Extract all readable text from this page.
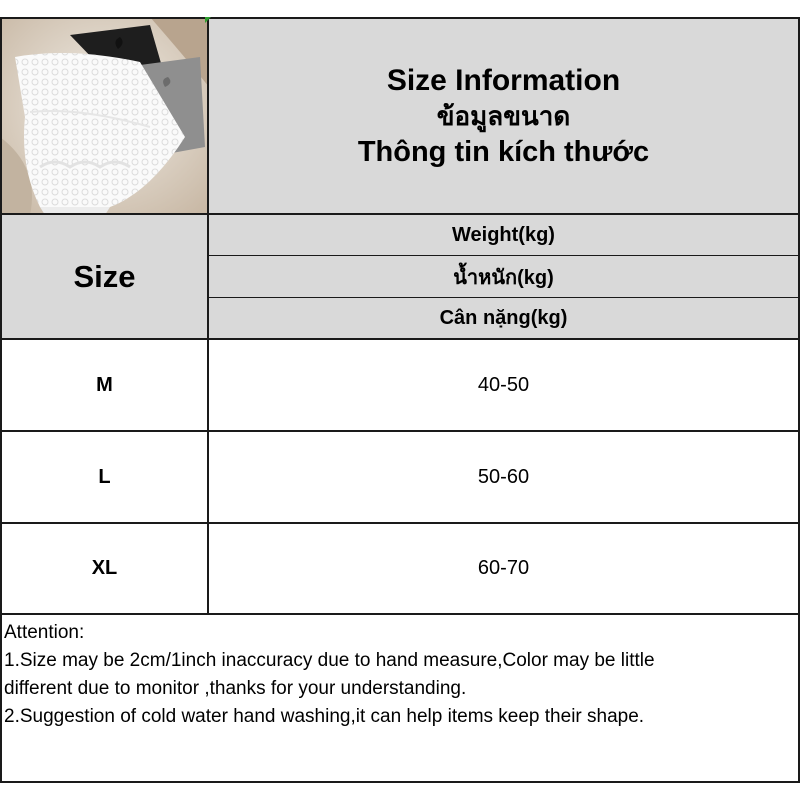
Size Information
ข้อมูลขนาด
Thông tin kích thước
Size
Weight(kg)
น้ำหนัก(kg)
Cân nặng(kg)
M	40-50
L	50-60
XL	60-70
Attention:
1.Size may be 2cm/1inch inaccuracy due to hand measure,Color may be little
different due to monitor ,thanks for your understanding.
2.Suggestion of cold water hand washing,it can help items keep their shape.
